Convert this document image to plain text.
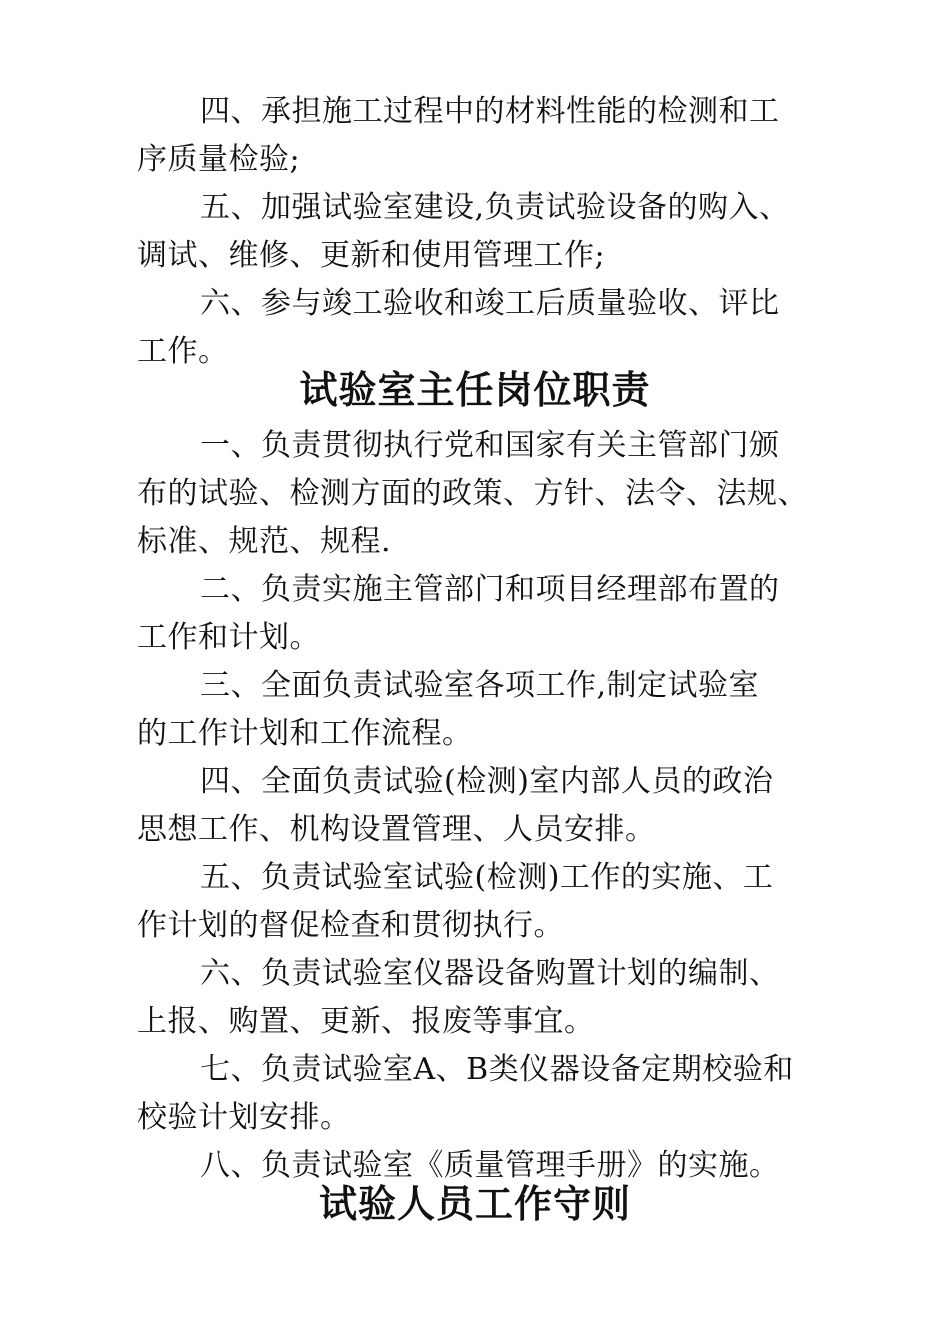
四、承担施工过程中的材料性能的检测和工
序质量检验;
五、加强试验室建设,负责试验设备的购入、
调试、维修、更新和使用管理工作;
六、参与竣工验收和竣工后质量验收、评比
工作。
试验室主任岗位职责
一、负责贯彻执行党和国家有关主管部门颁
布的试验、检测方面的政策、方针、法令、法规、
标准、规范、规程.
二、负责实施主管部门和项目经理部布置的
工作和计划。
三、全面负责试验室各项工作,制定试验室
的工作计划和工作流程。
四、全面负责试验(检测)室内部人员的政治
思想工作、机构设置管理、人员安排。
五、负责试验室试验(检测)工作的实施、工
作计划的督促检查和贯彻执行。
六、负责试验室仪器设备购置计划的编制、
上报、购置、更新、报废等事宜。
七、负责试验室A、B类仪器设备定期校验和
校验计划安排。
八、负责试验室《质量管理手册》的实施。
试验人员工作守则
